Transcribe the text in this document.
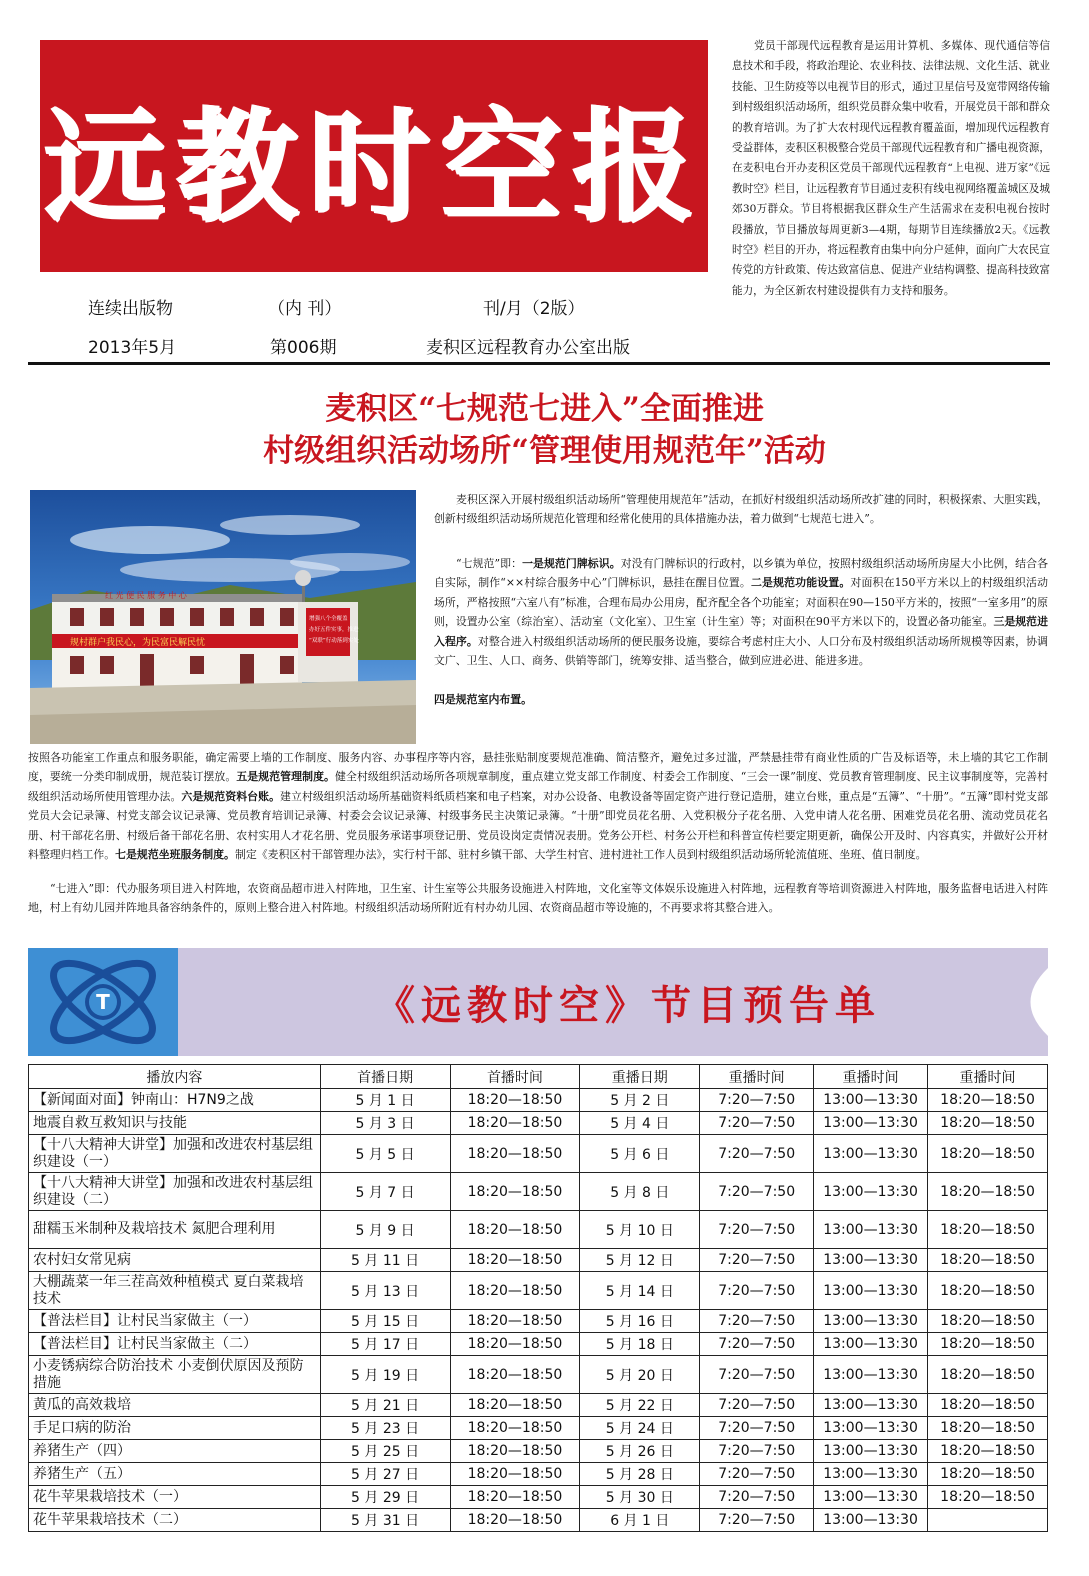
远教时空报
连续出版物	（内 刊）	刊/月（2版）
2013年5月	第006期	麦积区远程教育办公室出版
党员干部现代远程教育是运用计算机、多媒体、现代通信等信息技术和手段，将政治理论、农业科技、法律法规、文化生活、就业技能、卫生防疫等以电视节目的形式，通过卫星信号及宽带网络传输到村级组织活动场所，组织党员群众集中收看，开展党员干部和群众的教育培训。为了扩大农村现代远程教育覆盖面，增加现代远程教育受益群体，麦积区积极整合党员干部现代远程教育和广播电视资源，在麦积电台开办麦积区党员干部现代远程教育“上电视、进万家”《远教时空》栏目，让远程教育节目通过麦积有线电视网络覆盖城区及城郊30万群众。节目将根据我区群众生产生活需求在麦积电视台按时段播放，节目播放每周更新3—4期，每期节目连续播放2天。《远教时空》栏目的开办，将远程教育由集中向分户延伸，面向广大农民宣传党的方针政策、传达致富信息、促进产业结构调整、提高科技致富能力，为全区新农村建设提供有力支持和服务。
麦积区“七规范七进入”全面推进
村级组织活动场所“管理使用规范年”活动
红 光 便 民 服 务 中 心
规村群户我民心，为民富民解民忧
增强八个全覆盖
办好五件实事，推进
“双联”行动落到实处
麦积区深入开展村级组织活动场所“管理使用规范年”活动，在抓好村级组织活动场所改扩建的同时，积极探索、大胆实践，创新村级组织活动场所规范化管理和经常化使用的具体措施办法，着力做到“七规范七进入”。
“七规范”即：一是规范门牌标识。对没有门牌标识的行政村，以乡镇为单位，按照村级组织活动场所房屋大小比例，结合各自实际，制作“××村综合服务中心”门牌标识，悬挂在醒目位置。二是规范功能设置。对面积在150平方米以上的村级组织活动场所，严格按照“六室八有”标准，合理布局办公用房，配齐配全各个功能室；对面积在90—150平方米的，按照“一室多用”的原则，设置办公室（综治室）、活动室（文化室）、卫生室（计生室）等；对面积在90平方米以下的，设置必备功能室。三是规范进入程序。对整合进入村级组织活动场所的便民服务设施，要综合考虑村庄大小、人口分布及村级组织活动场所规模等因素，协调文广、卫生、人口、商务、供销等部门，统筹安排、适当整合，做到应进必进、能进多进。
四是规范室内布置。
按照各功能室工作重点和服务职能，确定需要上墙的工作制度、服务内容、办事程序等内容，悬挂张贴制度要规范准确、简洁整齐，避免过多过滥，严禁悬挂带有商业性质的广告及标语等，未上墙的其它工作制度，要统一分类印制成册，规范装订摆放。五是规范管理制度。健全村级组织活动场所各项规章制度，重点建立党支部工作制度、村委会工作制度、“三会一课”制度、党员教育管理制度、民主议事制度等，完善村级组织活动场所使用管理办法。六是规范资料台账。建立村级组织活动场所基础资料纸质档案和电子档案，对办公设备、电教设备等固定资产进行登记造册，建立台账，重点是“五簿”、“十册”。“五簿”即村党支部党员大会记录簿、村党支部会议记录簿、党员教育培训记录簿、村委会会议记录簿、村级事务民主决策记录簿。“十册”即党员花名册、入党积极分子花名册、入党申请人花名册、困难党员花名册、流动党员花名册、村干部花名册、村级后备干部花名册、农村实用人才花名册、党员服务承诺事项登记册、党员设岗定责情况表册。党务公开栏、村务公开栏和科普宣传栏要定期更新，确保公开及时、内容真实，并做好公开材料整理归档工作。七是规范坐班服务制度。制定《麦积区村干部管理办法》，实行村干部、驻村乡镇干部、大学生村官、进村进社工作人员到村级组织活动场所轮流值班、坐班、值日制度。
“七进入”即：代办服务项目进入村阵地，农资商品超市进入村阵地，卫生室、计生室等公共服务设施进入村阵地，文化室等文体娱乐设施进入村阵地，远程教育等培训资源进入村阵地，服务监督电话进入村阵地，村上有幼儿园并阵地具备容纳条件的，原则上整合进入村阵地。村级组织活动场所附近有村办幼儿园、农资商品超市等设施的，不再要求将其整合进入。
T	《远教时空》节目预告单
播放内容	首播日期	首播时间	重播日期	重播时间	重播时间	重播时间
【新闻面对面】钟南山：H7N9之战	5 月 1 日	18:20—18:50	5 月 2 日	7:20—7:50	13:00—13:30	18:20—18:50
地震自救互救知识与技能	5 月 3 日	18:20—18:50	5 月 4 日	7:20—7:50	13:00—13:30	18:20—18:50
【十八大精神大讲堂】加强和改进农村基层组织建设（一）	5 月 5 日	18:20—18:50	5 月 6 日	7:20—7:50	13:00—13:30	18:20—18:50
【十八大精神大讲堂】加强和改进农村基层组织建设（二）	5 月 7 日	18:20—18:50	5 月 8 日	7:20—7:50	13:00—13:30	18:20—18:50
甜糯玉米制种及栽培技术 氮肥合理利用	5 月 9 日	18:20—18:50	5 月 10 日	7:20—7:50	13:00—13:30	18:20—18:50
农村妇女常见病	5 月 11 日	18:20—18:50	5 月 12 日	7:20—7:50	13:00—13:30	18:20—18:50
大棚蔬菜一年三茬高效种植模式 夏白菜栽培技术	5 月 13 日	18:20—18:50	5 月 14 日	7:20—7:50	13:00—13:30	18:20—18:50
【普法栏目】让村民当家做主（一）	5 月 15 日	18:20—18:50	5 月 16 日	7:20—7:50	13:00—13:30	18:20—18:50
【普法栏目】让村民当家做主（二）	5 月 17 日	18:20—18:50	5 月 18 日	7:20—7:50	13:00—13:30	18:20—18:50
小麦锈病综合防治技术 小麦倒伏原因及预防措施	5 月 19 日	18:20—18:50	5 月 20 日	7:20—7:50	13:00—13:30	18:20—18:50
黄瓜的高效栽培	5 月 21 日	18:20—18:50	5 月 22 日	7:20—7:50	13:00—13:30	18:20—18:50
手足口病的防治	5 月 23 日	18:20—18:50	5 月 24 日	7:20—7:50	13:00—13:30	18:20—18:50
养猪生产（四）	5 月 25 日	18:20—18:50	5 月 26 日	7:20—7:50	13:00—13:30	18:20—18:50
养猪生产（五）	5 月 27 日	18:20—18:50	5 月 28 日	7:20—7:50	13:00—13:30	18:20—18:50
花牛苹果栽培技术（一）	5 月 29 日	18:20—18:50	5 月 30 日	7:20—7:50	13:00—13:30	18:20—18:50
花牛苹果栽培技术（二）	5 月 31 日	18:20—18:50	6 月 1 日	7:20—7:50	13:00—13:30	
